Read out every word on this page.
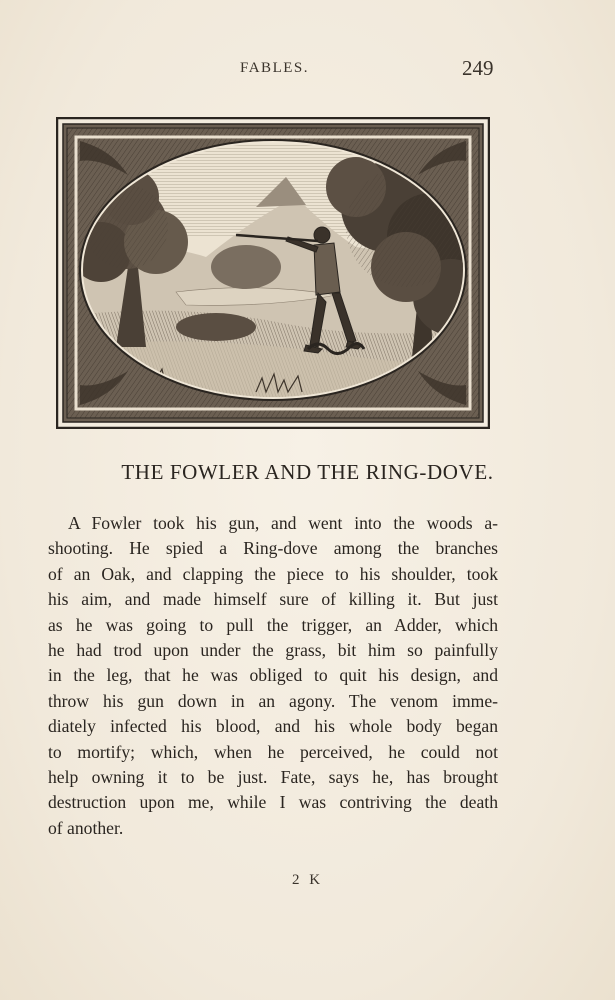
FABLES.	249
THE FOWLER AND THE RING-DOVE.
A Fowler took his gun, and went into the woods a-
shooting. He spied a Ring-dove among the branches
of an Oak, and clapping the piece to his shoulder, took
his aim, and made himself sure of killing it. But just
as he was going to pull the trigger, an Adder, which
he had trod upon under the grass, bit him so painfully
in the leg, that he was obliged to quit his design, and
throw his gun down in an agony. The venom imme-
diately infected his blood, and his whole body began
to mortify; which, when he perceived, he could not
help owning it to be just. Fate, says he, has brought
destruction upon me, while I was contriving the death
of another.
2 K
